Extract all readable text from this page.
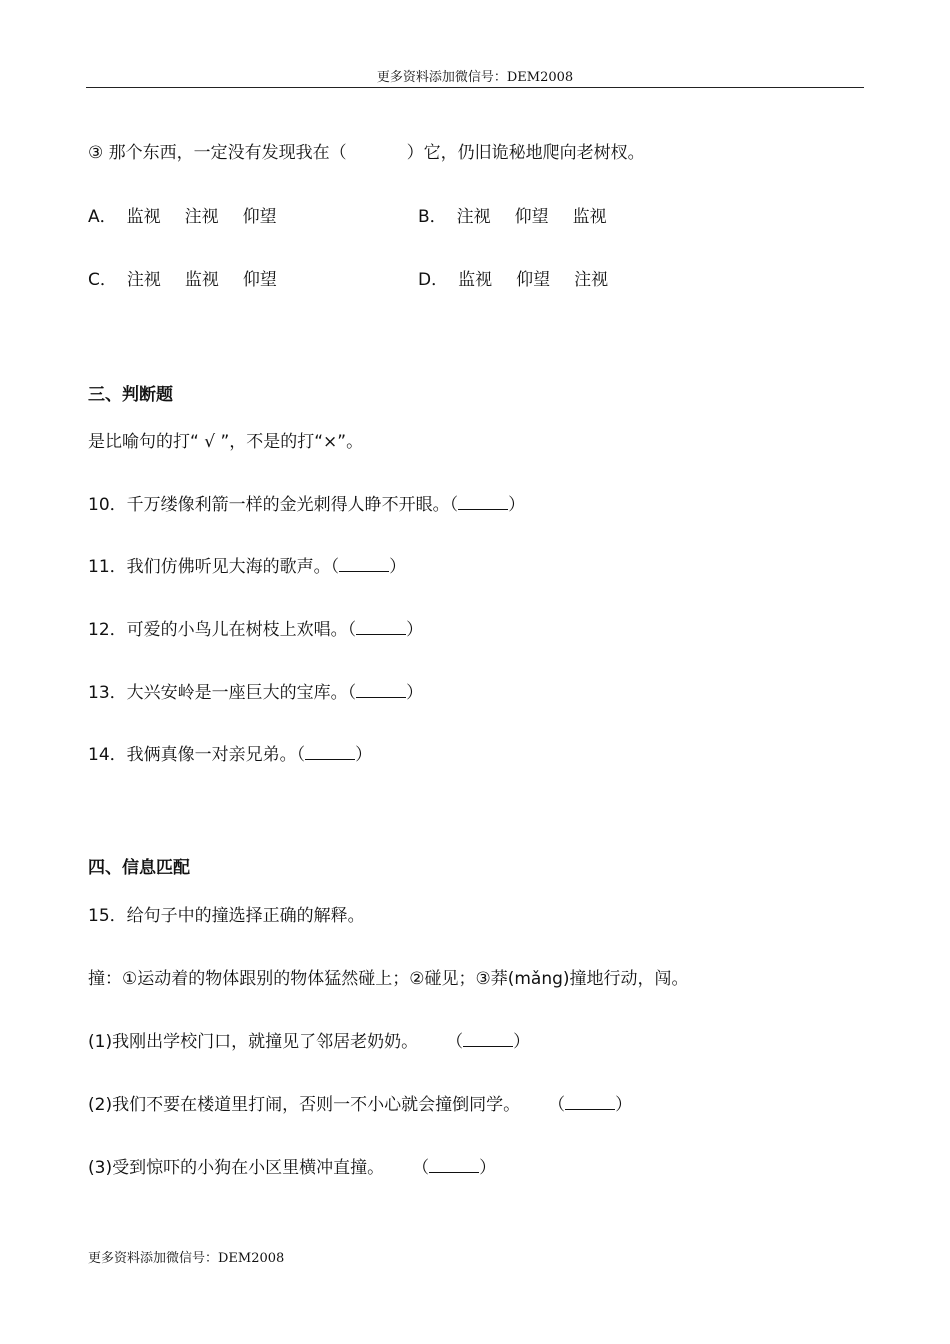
更多资料添加微信号：DEM2008
③ 那个东西，一定没有发现我在（	）它，仍旧诡秘地爬向老树杈。
A． 监视 注视 仰望	B． 注视 仰望 监视
C． 注视 监视 仰望	D． 监视 仰望 注视
三、判断题
是比喻句的打“ √ ”，不是的打“×”。
10．千万缕像利箭一样的金光刺得人睁不开眼。（	）
11．我们仿佛听见大海的歌声。（	）
12．可爱的小鸟儿在树枝上欢唱。（	）
13．大兴安岭是一座巨大的宝库。（	）
14．我俩真像一对亲兄弟。（	）
四、信息匹配
15．给句子中的撞选择正确的解释。
撞：①运动着的物体跟别的物体猛然碰上；②碰见；③莽(mǎng)撞地行动，闯。
(1)我刚出学校门口，就撞见了邻居老奶奶。 （	）
(2)我们不要在楼道里打闹，否则一不小心就会撞倒同学。 （	）
(3)受到惊吓的小狗在小区里横冲直撞。 （	）
更多资料添加微信号：DEM2008
